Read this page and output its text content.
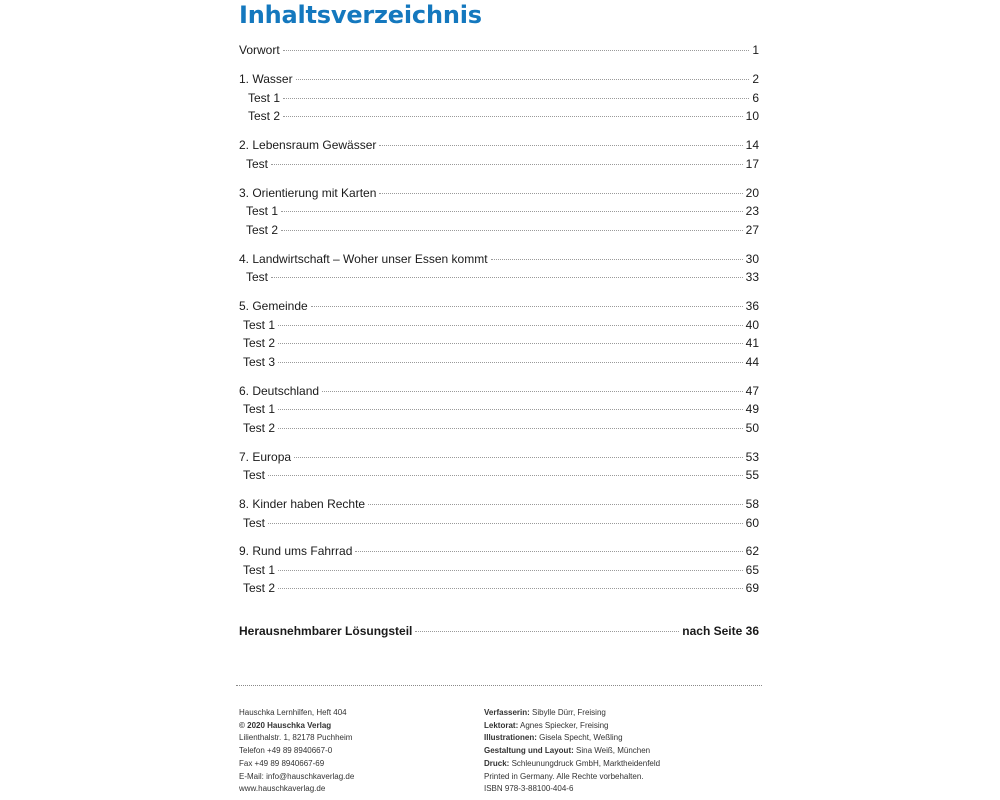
Inhaltsverzeichnis
Vorwort	1
1. Wasser	2
Test 1	6
Test 2	10
2. Lebensraum Gewässer	14
Test	17
3. Orientierung mit Karten	20
Test 1	23
Test 2	27
4. Landwirtschaft – Woher unser Essen kommt	30
Test	33
5. Gemeinde	36
Test 1	40
Test 2	41
Test 3	44
6. Deutschland	47
Test 1	49
Test 2	50
7. Europa	53
Test	55
8. Kinder haben Rechte	58
Test	60
9. Rund ums Fahrrad	62
Test 1	65
Test 2	69
Herausnehmbarer Lösungsteil	nach Seite 36
Hauschka Lernhilfen, Heft 404
© 2020 Hauschka Verlag
Lilienthalstr. 1, 82178 Puchheim
Telefon +49 89 8940667-0
Fax +49 89 8940667-69
E-Mail: info@hauschkaverlag.de
www.hauschkaverlag.de
Verfasserin: Sibylle Dürr, Freising
Lektorat: Agnes Spiecker, Freising
Illustrationen: Gisela Specht, Weßling
Gestaltung und Layout: Sina Weiß, München
Druck: Schleunungdruck GmbH, Marktheidenfeld
Printed in Germany. Alle Rechte vorbehalten.
ISBN 978-3-88100-404-6
